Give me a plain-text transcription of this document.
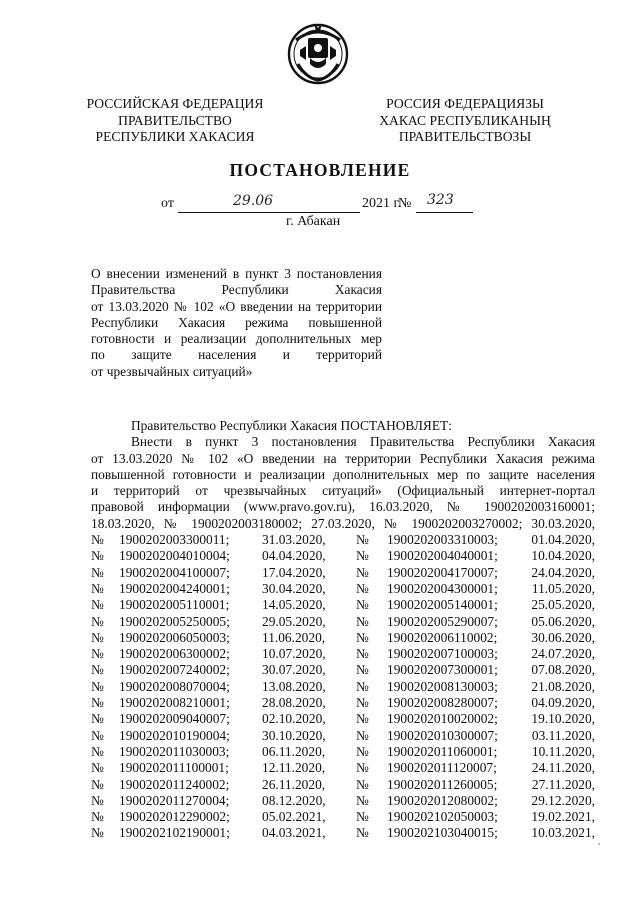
РОССИЙСКАЯ ФЕДЕРАЦИЯ
ПРАВИТЕЛЬСТВО
РЕСПУБЛИКИ ХАКАСИЯ
РОССИЯ ФЕДЕРАЦИЯЗЫ
ХАКАС РЕСПУБЛИКАНЫҢ
ПРАВИТЕЛЬСТВОЗЫ
ПОСТАНОВЛЕНИЕ
от	29.06	2021 г.
№ 323
г. Абакан
О внесении изменений в пункт 3 постановления
Правительства Республики Хакасия
от 13.03.2020 № 102 «О введении на территории
Республики Хакасия режима повышенной
готовности и реализации дополнительных мер
по защите населения и территорий
от чрезвычайных ситуаций»
Правительство Республики Хакасия ПОСТАНОВЛЯЕТ:
Внести в пункт 3 постановления Правительства Республики Хакасия
от 13.03.2020 № 102 «О введении на территории Республики Хакасия режима
повышенной готовности и реализации дополнительных мер по защите населения
и территорий от чрезвычайных ситуаций» (Официальный интернет-портал
правовой информации (www.pravo.gov.ru), 16.03.2020, № 1900202003160001;
18.03.2020, № 1900202003180002; 27.03.2020, № 1900202003270002; 30.03.2020,
№ 1900202003300011; 31.03.2020, № 1900202003310003;	01.04.2020,
№ 1900202004010004; 04.04.2020, № 1900202004040001;	10.04.2020,
№ 1900202004100007; 17.04.2020, № 1900202004170007;	24.04.2020,
№ 1900202004240001; 30.04.2020, № 1900202004300001;	11.05.2020,
№ 1900202005110001; 14.05.2020, № 1900202005140001;	25.05.2020,
№ 1900202005250005; 29.05.2020, № 1900202005290007;	05.06.2020,
№ 1900202006050003; 11.06.2020, № 1900202006110002;	30.06.2020,
№ 1900202006300002; 10.07.2020, № 1900202007100003;	24.07.2020,
№ 1900202007240002; 30.07.2020, № 1900202007300001;	07.08.2020,
№ 1900202008070004; 13.08.2020, № 1900202008130003;	21.08.2020,
№ 1900202008210001; 28.08.2020, № 1900202008280007;	04.09.2020,
№ 1900202009040007; 02.10.2020, № 1900202010020002;	19.10.2020,
№ 1900202010190004; 30.10.2020, № 1900202010300007;	03.11.2020,
№ 1900202011030003; 06.11.2020, № 1900202011060001;	10.11.2020,
№ 1900202011100001; 12.11.2020, № 1900202011120007;	24.11.2020,
№ 1900202011240002; 26.11.2020, № 1900202011260005;	27.11.2020,
№ 1900202011270004; 08.12.2020, № 1900202012080002;	29.12.2020,
№ 1900202012290002; 05.02.2021, № 1900202102050003;	19.02.2021,
№ 1900202102190001; 04.03.2021, № 1900202103040015;	10.03.2021,
